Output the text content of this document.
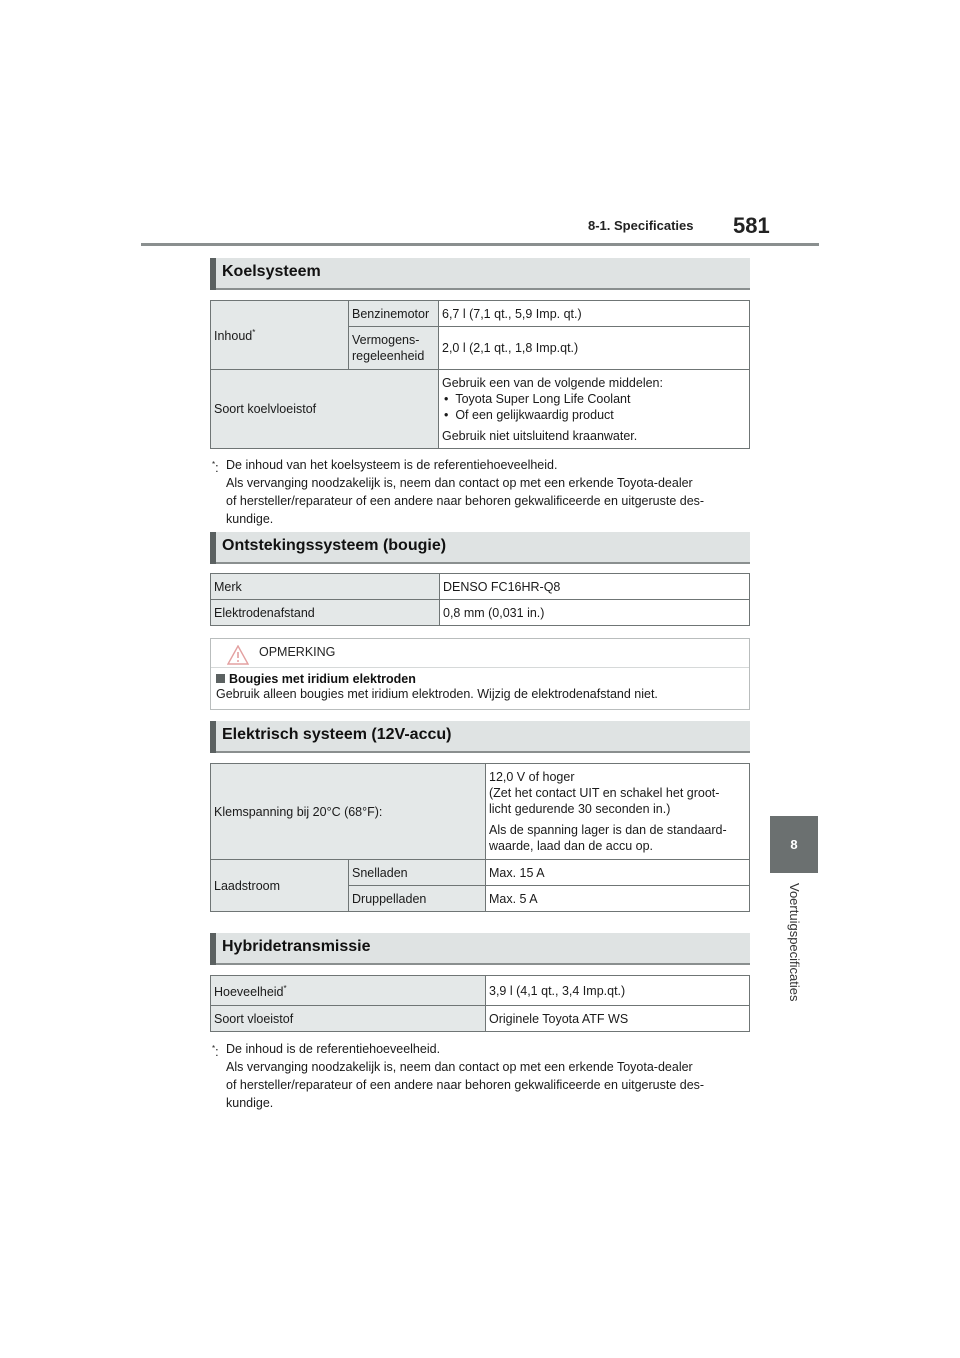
8-1. Specificaties 581
8
Voertuigspecificaties
Koelsysteem
Inhoud*	Benzinemotor	6,7 l (7,1 qt., 5,9 Imp. qt.)
	Vermogens-
regeleenheid	2,0 l (2,1 qt., 1,8 Imp.qt.)
Soort koelvloeistof		Gebruik een van de volgende middelen:
•  Toyota Super Long Life Coolant
•  Of een gelijkwaardig product
Gebruik niet uitsluitend kraanwater.
*: De inhoud van het koelsysteem is de referentiehoeveelheid.
Als vervanging noodzakelijk is, neem dan contact op met een erkende Toyota-dealer
of hersteller/reparateur of een andere naar behoren gekwalificeerde en uitgeruste des-
kundige.
Ontstekingssysteem (bougie)
Merk	DENSO FC16HR-Q8
Elektrodenafstand	0,8 mm (0,031 in.)
OPMERKING
Bougies met iridium elektroden
Gebruik alleen bougies met iridium elektroden. Wijzig de elektrodenafstand niet.
Elektrisch systeem (12V-accu)
Klemspanning bij 20°C (68°F):		12,0 V of hoger
(Zet het contact UIT en schakel het groot-
licht gedurende 30 seconden in.)
Als de spanning lager is dan de standaard-
waarde, laad dan de accu op.

Laadstroom	Snelladen	Max. 15 A
	Druppelladen	Max. 5 A
Hybridetransmissie
Hoeveelheid*	3,9 l (4,1 qt., 3,4 Imp.qt.)
Soort vloeistof	Originele Toyota ATF WS
*: De inhoud is de referentiehoeveelheid.
Als vervanging noodzakelijk is, neem dan contact op met een erkende Toyota-dealer
of hersteller/reparateur of een andere naar behoren gekwalificeerde en uitgeruste des-
kundige.
